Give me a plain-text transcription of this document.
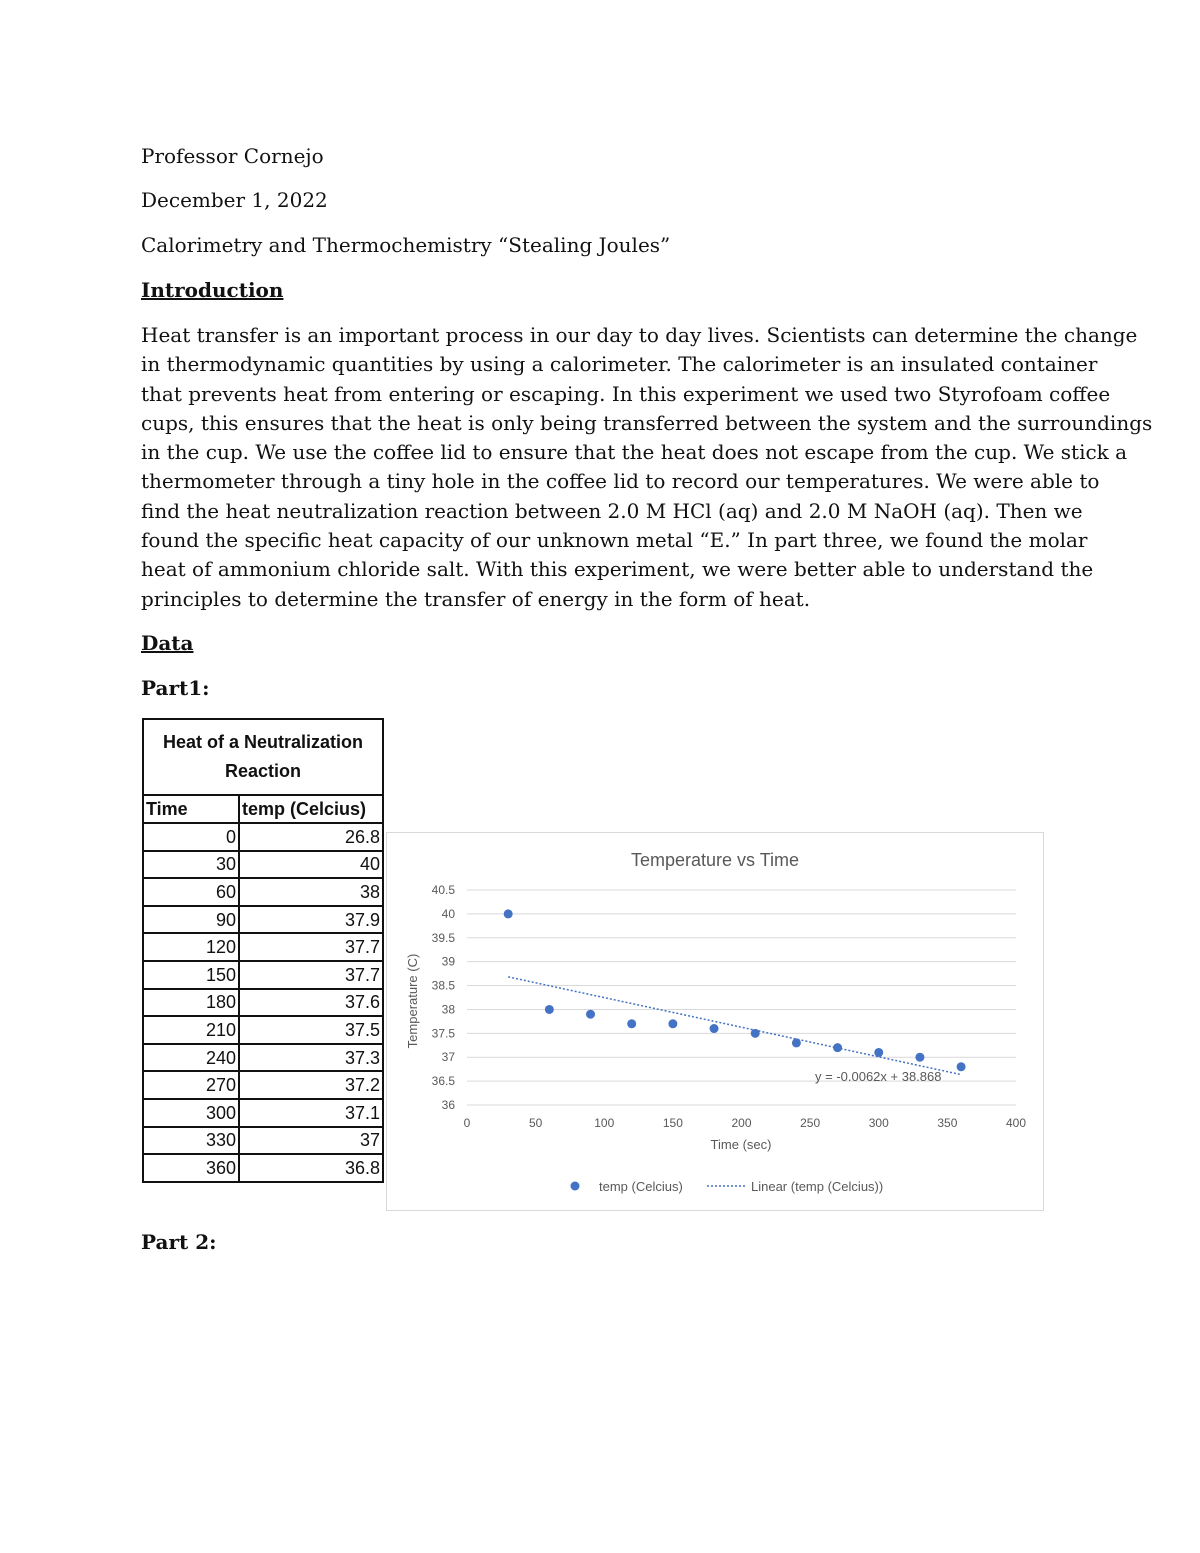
Professor Cornejo
December 1, 2022
Calorimetry and Thermochemistry “Stealing Joules”
Introduction

Heat transfer is an important process in our day to day lives. Scientists can determine the change

in thermodynamic quantities by using a calorimeter. The calorimeter is an insulated container

that prevents heat from entering or escaping. In this experiment we used two Styrofoam coffee

cups, this ensures that the heat is only being transferred between the system and the surroundings

in the cup. We use the coffee lid to ensure that the heat does not escape from the cup. We stick a

thermometer through a tiny hole in the coffee lid to record our temperatures. We were able to

find the heat neutralization reaction between 2.0 M HCl (aq) and 2.0 M NaOH (aq). Then we

found the specific heat capacity of our unknown metal “E.” In part three, we found the molar

heat of ammonium chloride salt. With this experiment, we were better able to understand the

principles to determine the transfer of energy in the form of heat.

Data
Part1:
Heat of a Neutralization
Reaction	
Time	temp (Celcius)
0	26.8
30	40
60	38
90	37.9
120	37.7
150	37.7
180	37.6
210	37.5
240	37.3
270	37.2
300	37.1
330	37
360	36.8
Temperature vs Time
36
36.5
37
37.5
38
38.5
39
39.5
40
40.5
0	50	100	150	200	250	300	350	400
y = -0.0062x + 38.868
Temperature (C)
Time (sec)
temp (Celcius)	Linear (temp (Celcius))
Part 2:
